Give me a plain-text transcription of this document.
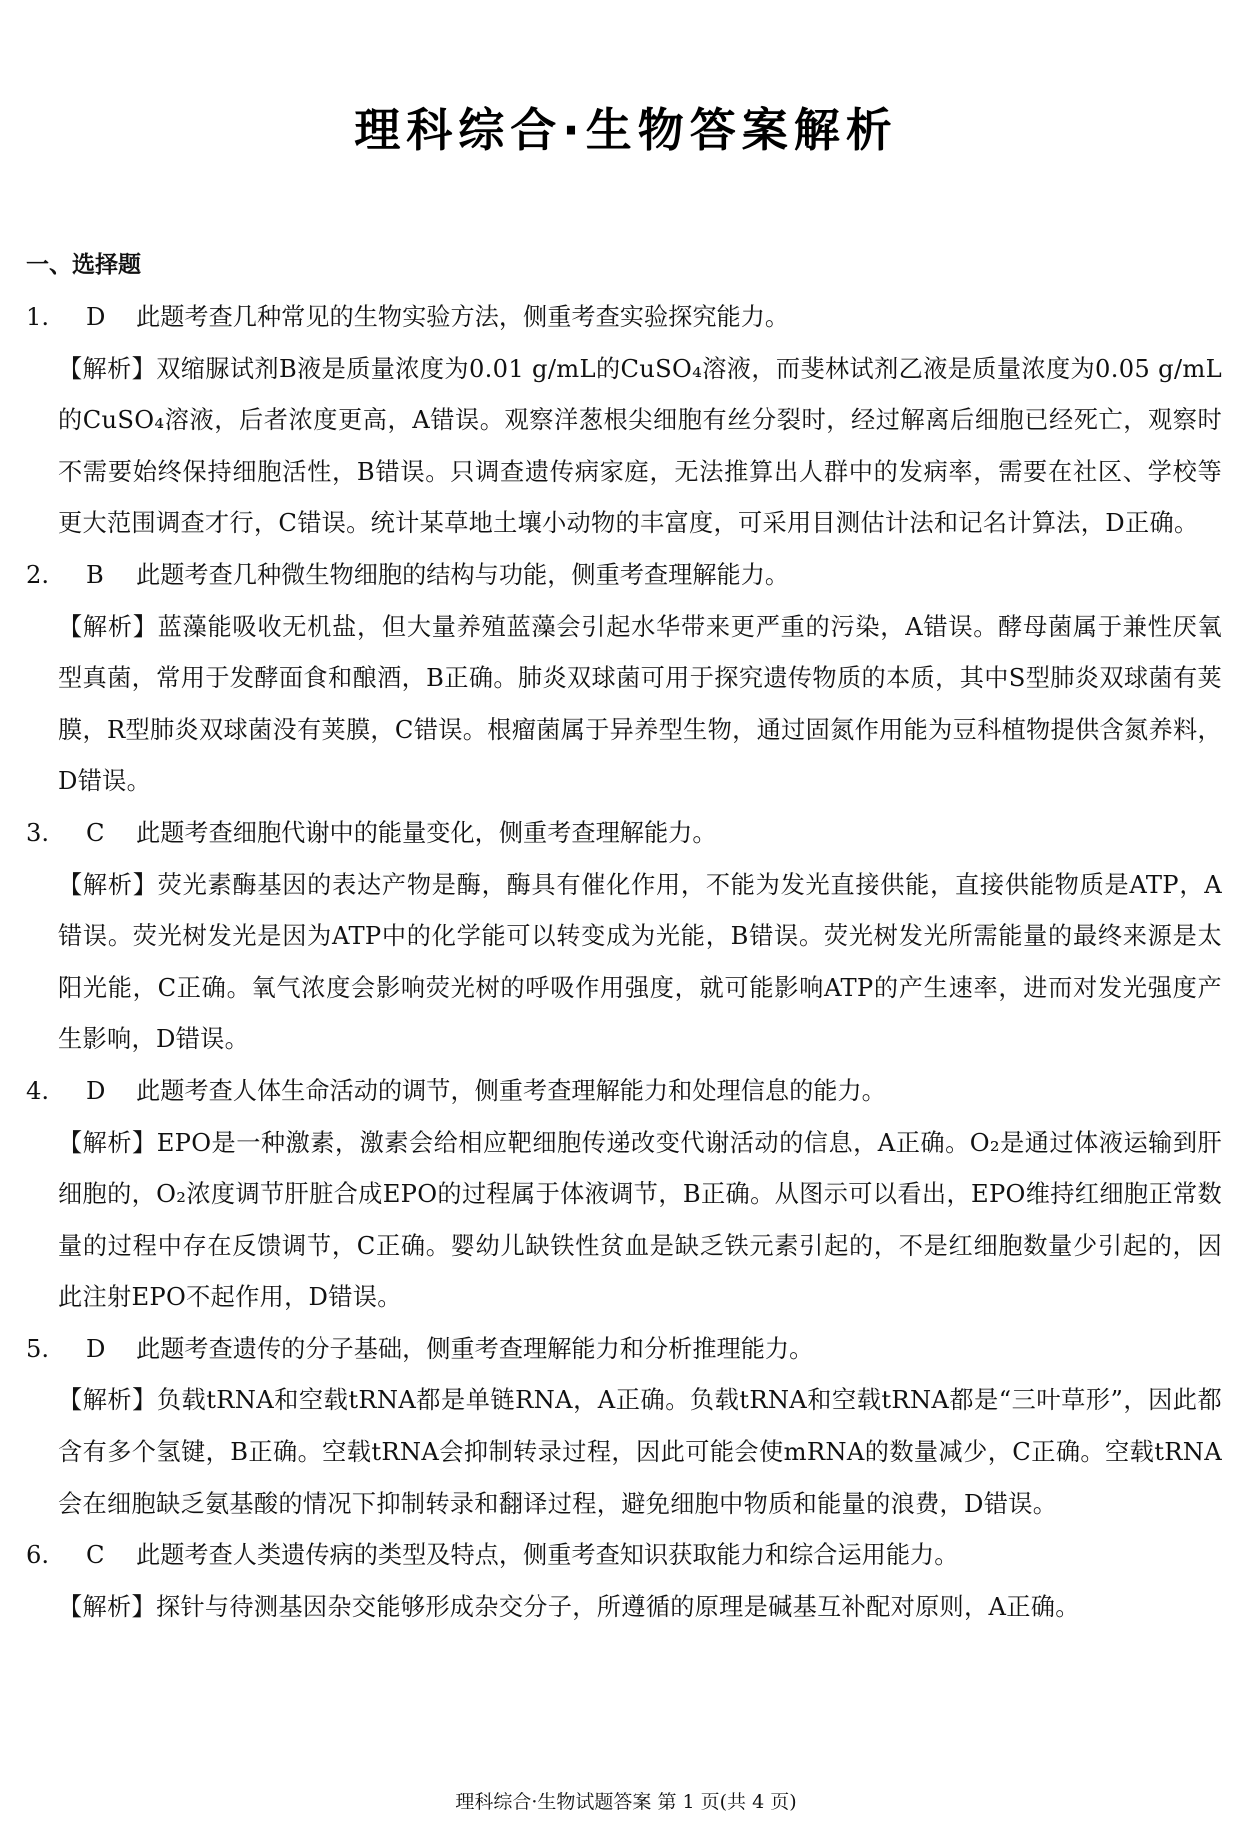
理科综合·生物答案解析
一、选择题

1. D 此题考查几种常见的生物实验方法，侧重考查实验探究能力。

【解析】双缩脲试剂B液是质量浓度为0.01 g/mL的CuSO₄溶液，而斐林试剂乙液是质量浓度为0.05 g/mL的CuSO₄溶液，后者浓度更高，A错误。观察洋葱根尖细胞有丝分裂时，经过解离后细胞已经死亡，观察时不需要始终保持细胞活性，B错误。只调查遗传病家庭，无法推算出人群中的发病率，需要在社区、学校等更大范围调查才行，C错误。统计某草地土壤小动物的丰富度，可采用目测估计法和记名计算法，D正确。

2. B 此题考查几种微生物细胞的结构与功能，侧重考查理解能力。

【解析】蓝藻能吸收无机盐，但大量养殖蓝藻会引起水华带来更严重的污染，A错误。酵母菌属于兼性厌氧型真菌，常用于发酵面食和酿酒，B正确。肺炎双球菌可用于探究遗传物质的本质，其中S型肺炎双球菌有荚膜，R型肺炎双球菌没有荚膜，C错误。根瘤菌属于异养型生物，通过固氮作用能为豆科植物提供含氮养料，D错误。

3. C 此题考查细胞代谢中的能量变化，侧重考查理解能力。

【解析】荧光素酶基因的表达产物是酶，酶具有催化作用，不能为发光直接供能，直接供能物质是ATP，A错误。荧光树发光是因为ATP中的化学能可以转变成为光能，B错误。荧光树发光所需能量的最终来源是太阳光能，C正确。氧气浓度会影响荧光树的呼吸作用强度，就可能影响ATP的产生速率，进而对发光强度产生影响，D错误。

4. D 此题考查人体生命活动的调节，侧重考查理解能力和处理信息的能力。

【解析】EPO是一种激素，激素会给相应靶细胞传递改变代谢活动的信息，A正确。O₂是通过体液运输到肝细胞的，O₂浓度调节肝脏合成EPO的过程属于体液调节，B正确。从图示可以看出，EPO维持红细胞正常数量的过程中存在反馈调节，C正确。婴幼儿缺铁性贫血是缺乏铁元素引起的，不是红细胞数量少引起的，因此注射EPO不起作用，D错误。

5. D 此题考查遗传的分子基础，侧重考查理解能力和分析推理能力。

【解析】负载tRNA和空载tRNA都是单链RNA，A正确。负载tRNA和空载tRNA都是“三叶草形”，因此都含有多个氢键，B正确。空载tRNA会抑制转录过程，因此可能会使mRNA的数量减少，C正确。空载tRNA会在细胞缺乏氨基酸的情况下抑制转录和翻译过程，避免细胞中物质和能量的浪费，D错误。

6. C 此题考查人类遗传病的类型及特点，侧重考查知识获取能力和综合运用能力。

【解析】探针与待测基因杂交能够形成杂交分子，所遵循的原理是碱基互补配对原则，A正确。

理科综合·生物试题答案 第 1 页(共 4 页)
